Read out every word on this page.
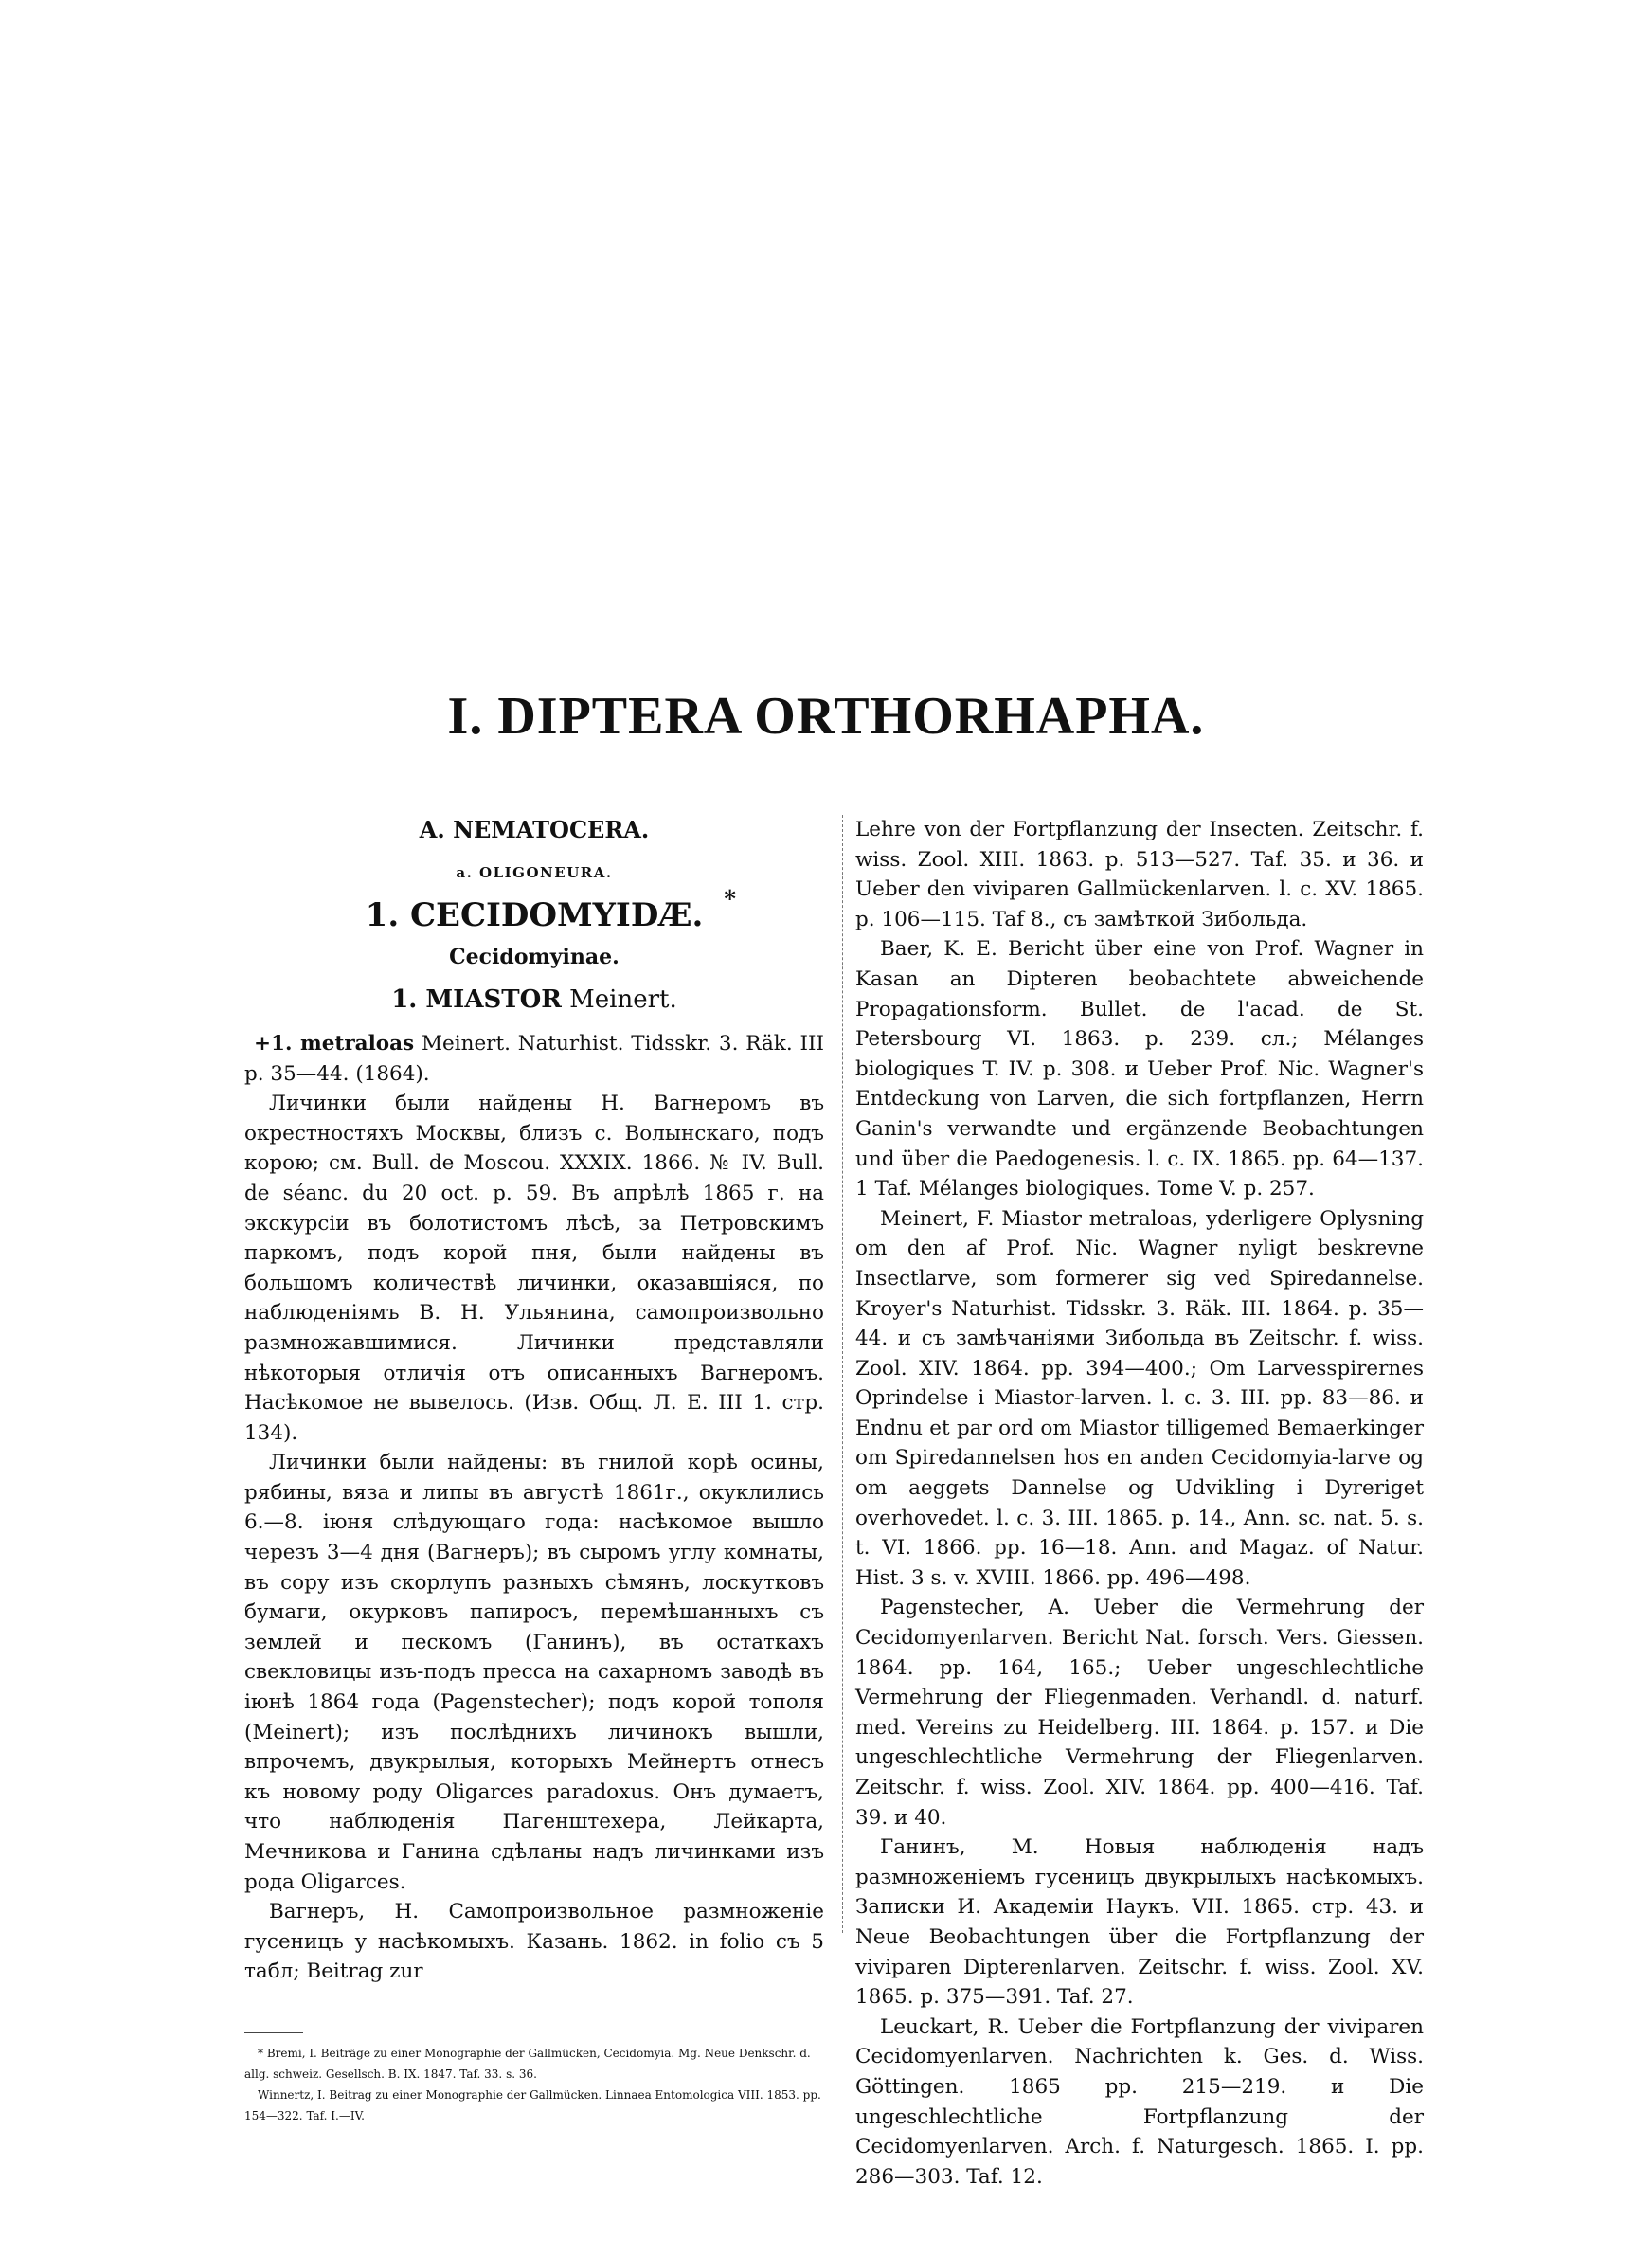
I. DIPTERA ORTHORHAPHA.
A. NEMATOCERA.
a. OLIGONEURA.
1. CECIDOMYIDÆ. *
Cecidomyinae.
1. MIASTOR Meinert.

+1. metraloas Meinert. Naturhist. Tidsskr. 3. Räk. III p. 35—44. (1864).

Личинки были найдены Н. Вагнеромъ въ окрестностяхъ Москвы, близъ с. Волынскаго, подъ корою; см. Bull. de Moscou. XXXIX. 1866. № IV. Bull. de séanc. du 20 oct. p. 59. Въ апрѣлѣ 1865 г. на экскурсіи въ болотистомъ лѣсѣ, за Петровскимъ паркомъ, подъ корой пня, были найдены въ большомъ количествѣ личинки, оказавшіяся, по наблюденіямъ В. Н. Ульянина, самопроизвольно размножавшимися. Личинки представляли нѣкоторыя отличія отъ описанныхъ Вагнеромъ. Насѣкомое не вывелось. (Изв. Общ. Л. Е. III 1. стр. 134).

Личинки были найдены: въ гнилой корѣ осины, рябины, вяза и липы въ августѣ 1861г., окуклились 6.—8. іюня слѣдующаго года: насѣкомое вышло черезъ 3—4 дня (Вагнеръ); въ сыромъ углу комнаты, въ сору изъ скорлупъ разныхъ сѣмянъ, лоскутковъ бумаги, окурковъ папиросъ, перемѣшанныхъ съ землей и пескомъ (Ганинъ), въ остаткахъ свекловицы изъ-подъ пресса на сахарномъ заводѣ въ іюнѣ 1864 года (Pagenstecher); подъ корой тополя (Meinert); изъ послѣднихъ личинокъ вышли, впрочемъ, двукрылыя, которыхъ Мейнертъ отнесъ къ новому роду Oligarces paradoxus. Онъ думаетъ, что наблюденія Пагенштехера, Лейкарта, Мечникова и Ганина сдѣланы надъ личинками изъ рода Oligarces.

Вагнеръ, Н. Самопроизвольное размноженіе гусеницъ у насѣкомыхъ. Казань. 1862. in folio съ 5 табл; Beitrag zur

* Bremi, I. Beiträge zu einer Monographie der Gallmücken, Cecidomyia. Mg. Neue Denkschr. d. allg. schweiz. Gesellsch. B. IX. 1847. Taf. 33. s. 36.

Winnertz, I. Beitrag zu einer Monographie der Gallmücken. Linnaea Entomologica VIII. 1853. pp. 154—322. Taf. I.—IV.

Lehre von der Fortpflanzung der Insecten. Zeitschr. f. wiss. Zool. XIII. 1863. p. 513—527. Taf. 35. и 36. и Ueber den viviparen Gallmückenlarven. l. c. XV. 1865. p. 106—115. Taf 8., съ замѣткой Зибольда.

Baer, K. E. Bericht über eine von Prof. Wagner in Kasan an Dipteren beobachtete abweichende Propagationsform. Bullet. de l'acad. de St. Petersbourg VI. 1863. p. 239. сл.; Mélanges biologiques T. IV. p. 308. и Ueber Prof. Nic. Wagner's Entdeckung von Larven, die sich fortpflanzen, Herrn Ganin's verwandte und ergänzende Beobachtungen und über die Paedogenesis. l. c. IX. 1865. pp. 64—137. 1 Taf. Mélanges biologiques. Tome V. p. 257.

Meinert, F. Miastor metraloas, yderligere Oplysning om den af Prof. Nic. Wagner nyligt beskrevne Insectlarve, som formerer sig ved Spiredannelse. Kroyer's Naturhist. Tidsskr. 3. Räk. III. 1864. p. 35—44. и съ замѣчаніями Зибольда въ Zeitschr. f. wiss. Zool. XIV. 1864. pp. 394—400.; Om Larvesspirernes Oprindelse i Miastor-larven. l. c. 3. III. pp. 83—86. и Endnu et par ord om Miastor tilligemed Bemaerkinger om Spiredannelsen hos en anden Cecidomyia-larve og om aeggets Dannelse og Udvikling i Dyreriget overhovedet. l. c. 3. III. 1865. p. 14., Ann. sc. nat. 5. s. t. VI. 1866. pp. 16—18. Ann. and Magaz. of Natur. Hist. 3 s. v. XVIII. 1866. pp. 496—498.

Pagenstecher, A. Ueber die Vermehrung der Cecidomyenlarven. Bericht Nat. forsch. Vers. Giessen. 1864. pp. 164, 165.; Ueber ungeschlechtliche Vermehrung der Fliegenmaden. Verhandl. d. naturf. med. Vereins zu Heidelberg. III. 1864. p. 157. и Die ungeschlechtliche Vermehrung der Fliegenlarven. Zeitschr. f. wiss. Zool. XIV. 1864. pp. 400—416. Taf. 39. и 40.

Ганинъ, М. Новыя наблюденія надъ размноженіемъ гусеницъ двукрылыхъ насѣкомыхъ. Записки И. Академіи Наукъ. VII. 1865. стр. 43. и Neue Beobachtungen über die Fortpflanzung der viviparen Dipterenlarven. Zeitschr. f. wiss. Zool. XV. 1865. p. 375—391. Taf. 27.

Leuckart, R. Ueber die Fortpflanzung der viviparen Cecidomyenlarven. Nachrichten k. Ges. d. Wiss. Göttingen. 1865 pp. 215—219. и Die ungeschlechtliche Fortpflanzung der Cecidomyenlarven. Arch. f. Naturgesch. 1865. I. pp. 286—303. Taf. 12.
